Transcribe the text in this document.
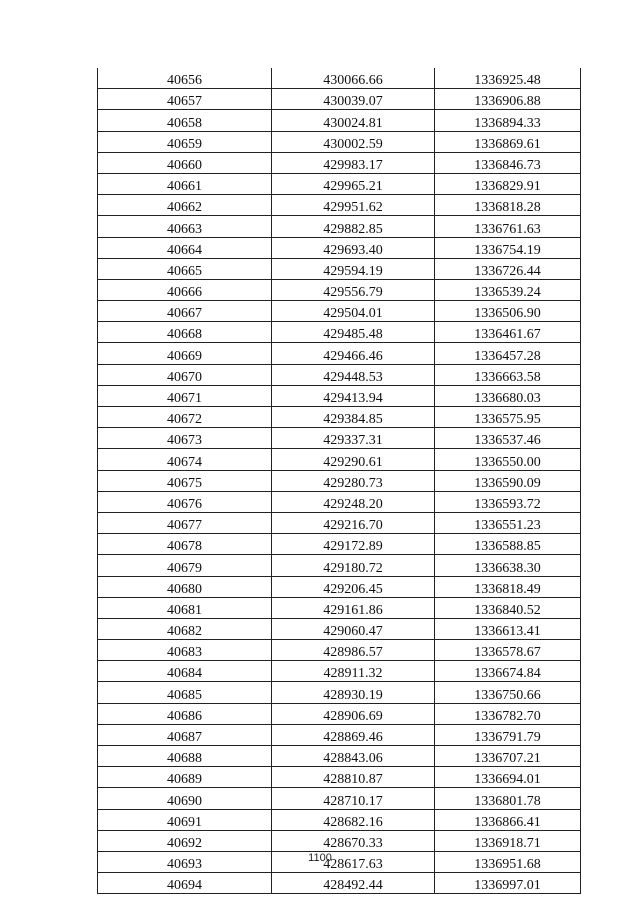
40656	430066.66	1336925.48
40657	430039.07	1336906.88
40658	430024.81	1336894.33
40659	430002.59	1336869.61
40660	429983.17	1336846.73
40661	429965.21	1336829.91
40662	429951.62	1336818.28
40663	429882.85	1336761.63
40664	429693.40	1336754.19
40665	429594.19	1336726.44
40666	429556.79	1336539.24
40667	429504.01	1336506.90
40668	429485.48	1336461.67
40669	429466.46	1336457.28
40670	429448.53	1336663.58
40671	429413.94	1336680.03
40672	429384.85	1336575.95
40673	429337.31	1336537.46
40674	429290.61	1336550.00
40675	429280.73	1336590.09
40676	429248.20	1336593.72
40677	429216.70	1336551.23
40678	429172.89	1336588.85
40679	429180.72	1336638.30
40680	429206.45	1336818.49
40681	429161.86	1336840.52
40682	429060.47	1336613.41
40683	428986.57	1336578.67
40684	428911.32	1336674.84
40685	428930.19	1336750.66
40686	428906.69	1336782.70
40687	428869.46	1336791.79
40688	428843.06	1336707.21
40689	428810.87	1336694.01
40690	428710.17	1336801.78
40691	428682.16	1336866.41
40692	428670.33	1336918.71
40693	428617.63	1336951.68
40694	428492.44	1336997.01
1100
